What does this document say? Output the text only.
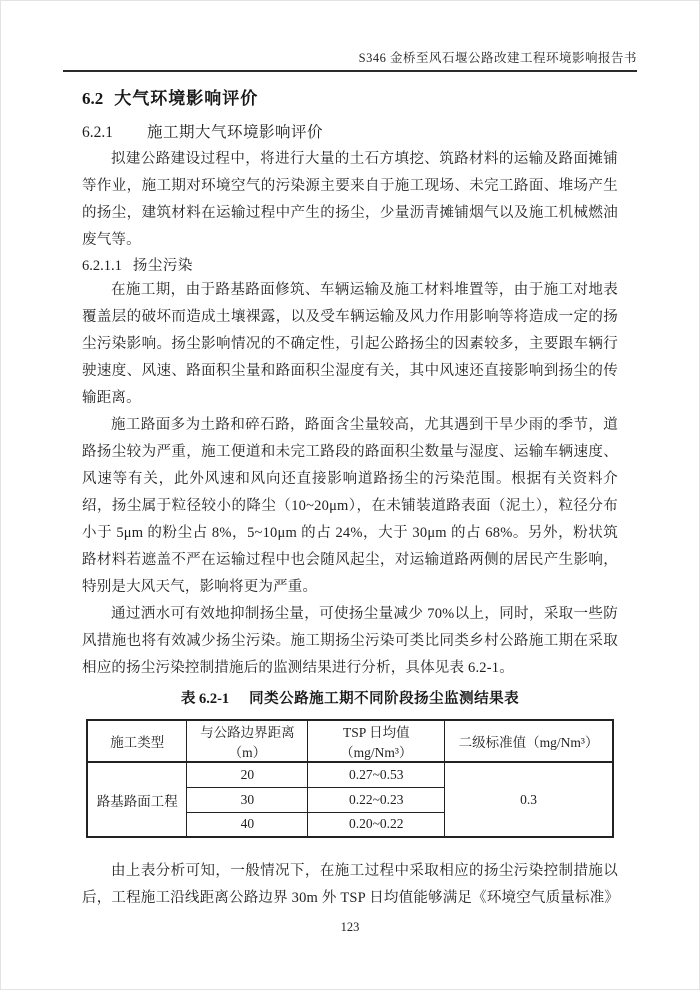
S346 金桥至风石堰公路改建工程环境影响报告书
6.2 大气环境影响评价
6.2.1 施工期大气环境影响评价

拟建公路建设过程中，将进行大量的土石方填挖、筑路材料的运输及路面摊铺等作业，施工期对环境空气的污染源主要来自于施工现场、未完工路面、堆场产生的扬尘，建筑材料在运输过程中产生的扬尘，少量沥青摊铺烟气以及施工机械燃油废气等。

6.2.1.1 扬尘污染

在施工期，由于路基路面修筑、车辆运输及施工材料堆置等，由于施工对地表覆盖层的破坏而造成土壤裸露，以及受车辆运输及风力作用影响等将造成一定的扬尘污染影响。扬尘影响情况的不确定性，引起公路扬尘的因素较多，主要跟车辆行驶速度、风速、路面积尘量和路面积尘湿度有关，其中风速还直接影响到扬尘的传输距离。

施工路面多为土路和碎石路，路面含尘量较高，尤其遇到干旱少雨的季节，道路扬尘较为严重，施工便道和未完工路段的路面积尘数量与湿度、运输车辆速度、风速等有关，此外风速和风向还直接影响道路扬尘的污染范围。根据有关资料介绍，扬尘属于粒径较小的降尘（10~20μm），在未铺装道路表面（泥土），粒径分布小于 5μm 的粉尘占 8%，5~10μm 的占 24%，大于 30μm 的占 68%。另外，粉状筑路材料若遮盖不严在运输过程中也会随风起尘，对运输道路两侧的居民产生影响，特别是大风天气，影响将更为严重。

通过洒水可有效地抑制扬尘量，可使扬尘量减少 70%以上，同时，采取一些防风措施也将有效减少扬尘污染。施工期扬尘污染可类比同类乡村公路施工期在采取相应的扬尘污染控制措施后的监测结果进行分析，具体见表 6.2-1。

表 6.2-1 同类公路施工期不同阶段扬尘监测结果表
施工类型	与公路边界距离（m）	TSP 日均值（mg/Nm³）	二级标准值（mg/Nm³）
路基路面工程	20	0.27~0.53	0.3
	30	0.22~0.23	
	40	0.20~0.22	

由上表分析可知，一般情况下，在施工过程中采取相应的扬尘污染控制措施以后，工程施工沿线距离公路边界 30m 外 TSP 日均值能够满足《环境空气质量标准》

123
